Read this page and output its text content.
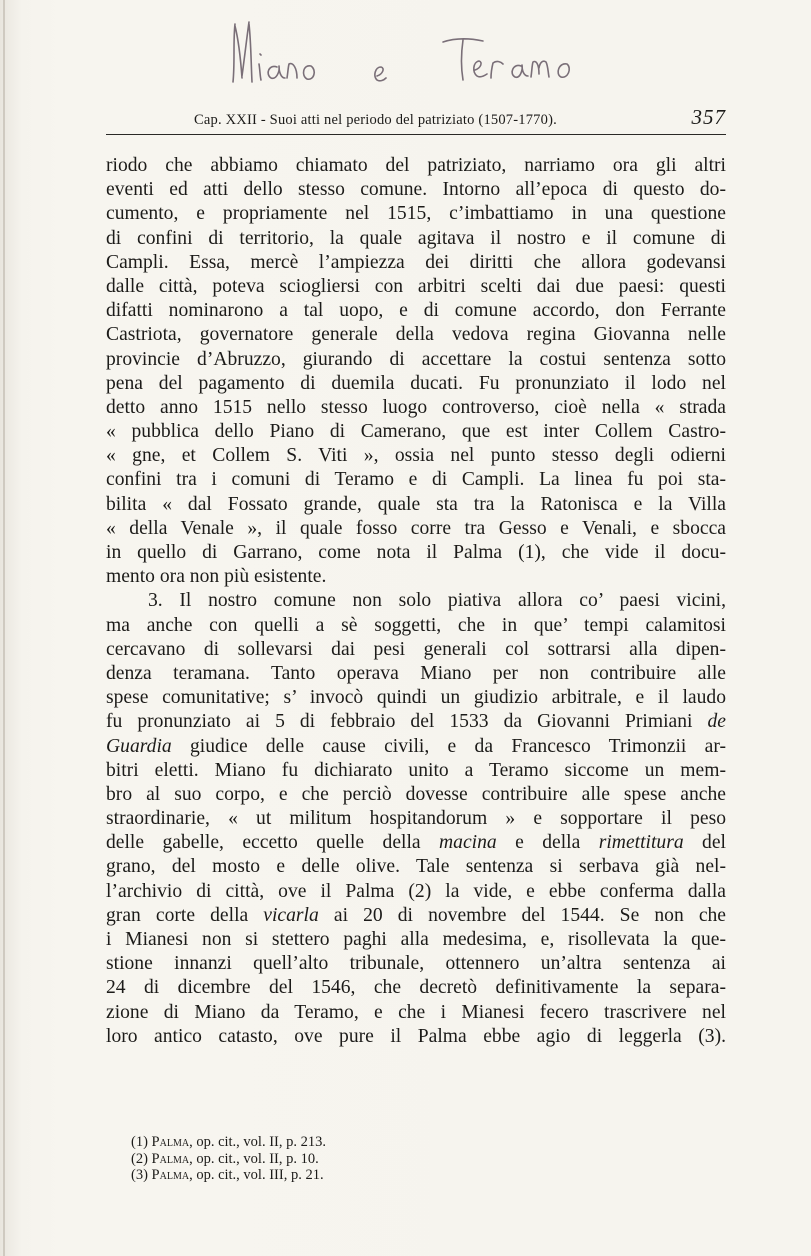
Cap. XXII - Suoi atti nel periodo del patriziato (1507-1770).	357
riodo che abbiamo chiamato del patriziato, narriamo ora gli altri
eventi ed atti dello stesso comune. Intorno all’epoca di questo do-
cumento, e propriamente nel 1515, c’imbattiamo in una questione
di confini di territorio, la quale agitava il nostro e il comune di
Campli. Essa, mercè l’ampiezza dei diritti che allora godevansi
dalle città, poteva sciogliersi con arbitri scelti dai due paesi: questi
difatti nominarono a tal uopo, e di comune accordo, don Ferrante
Castriota, governatore generale della vedova regina Giovanna nelle
provincie d’Abruzzo, giurando di accettare la costui sentenza sotto
pena del pagamento di duemila ducati. Fu pronunziato il lodo nel
detto anno 1515 nello stesso luogo controverso, cioè nella « strada
« pubblica dello Piano di Camerano, que est inter Collem Castro-
« gne, et Collem S. Viti », ossia nel punto stesso degli odierni
confini tra i comuni di Teramo e di Campli. La linea fu poi sta-
bilita « dal Fossato grande, quale sta tra la Ratonisca e la Villa
« della Venale », il quale fosso corre tra Gesso e Venali, e sbocca
in quello di Garrano, come nota il Palma (1), che vide il docu-
mento ora non più esistente.
3. Il nostro comune non solo piativa allora co’ paesi vicini,
ma anche con quelli a sè soggetti, che in que’ tempi calamitosi
cercavano di sollevarsi dai pesi generali col sottrarsi alla dipen-
denza teramana. Tanto operava Miano per non contribuire alle
spese comunitative; s’ invocò quindi un giudizio arbitrale, e il laudo
fu pronunziato ai 5 di febbraio del 1533 da Giovanni Primiani de
Guardia giudice delle cause civili, e da Francesco Trimonzii ar-
bitri eletti. Miano fu dichiarato unito a Teramo siccome un mem-
bro al suo corpo, e che perciò dovesse contribuire alle spese anche
straordinarie, « ut militum hospitandorum » e sopportare il peso
delle gabelle, eccetto quelle della macina e della rimettitura del
grano, del mosto e delle olive. Tale sentenza si serbava già nel-
l’archivio di città, ove il Palma (2) la vide, e ebbe conferma dalla
gran corte della vicarla ai 20 di novembre del 1544. Se non che
i Mianesi non si stettero paghi alla medesima, e, risollevata la que-
stione innanzi quell’alto tribunale, ottennero un’altra sentenza ai
24 di dicembre del 1546, che decretò definitivamente la separa-
zione di Miano da Teramo, e che i Mianesi fecero trascrivere nel
loro antico catasto, ove pure il Palma ebbe agio di leggerla (3).
(1) Palma, op. cit., vol. II, p. 213.
(2) Palma, op. cit., vol. II, p. 10.
(3) Palma, op. cit., vol. III, p. 21.
